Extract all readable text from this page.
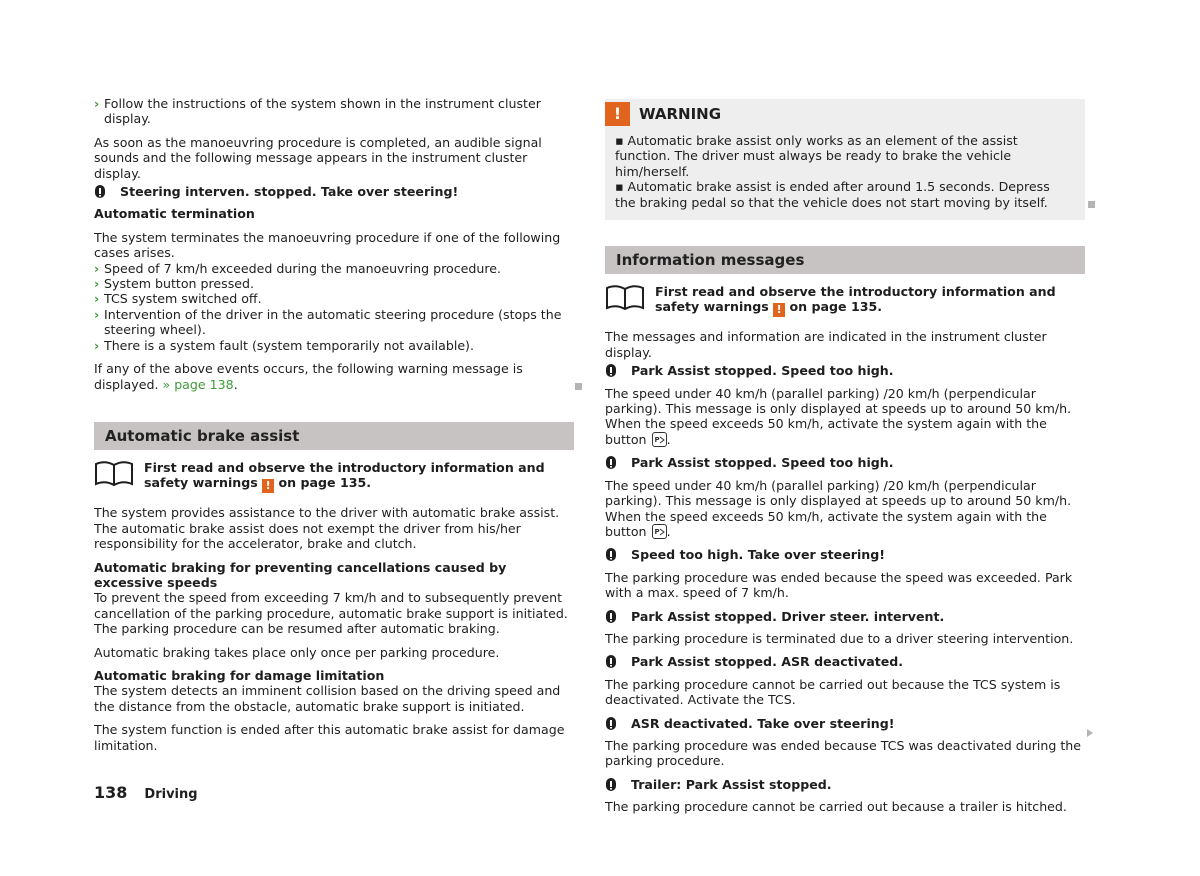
› Follow the instructions of the system shown in the instrument cluster display.

As soon as the manoeuvring procedure is completed, an audible signal sounds and the following message appears in the instrument cluster display.

Steering interven. stopped. Take over steering!

Automatic termination

The system terminates the manoeuvring procedure if one of the following cases arises.

› Speed of 7 km/h exceeded during the manoeuvring procedure.
› System button pressed.
› TCS system switched off.
› Intervention of the driver in the automatic steering procedure (stops the steering wheel).
› There is a system fault (system temporarily not available).

If any of the above events occurs, the following warning message is displayed. » page 138.

Automatic brake assist
First read and observe the introductory information and safety warnings ! on page 135.

The system provides assistance to the driver with automatic brake assist. The automatic brake assist does not exempt the driver from his/her responsibility for the accelerator, brake and clutch.

Automatic braking for preventing cancellations caused by excessive speeds
To prevent the speed from exceeding 7 km/h and to subsequently prevent cancellation of the parking procedure, automatic brake support is initiated. The parking procedure can be resumed after automatic braking.

Automatic braking takes place only once per parking procedure.

Automatic braking for damage limitation
The system detects an imminent collision based on the driving speed and the distance from the obstacle, automatic brake support is initiated.

The system function is ended after this automatic brake assist for damage limitation.

! WARNING
▪ Automatic brake assist only works as an element of the assist function. The driver must always be ready to brake the vehicle him/herself.
▪ Automatic brake assist is ended after around 1.5 seconds. Depress the braking pedal so that the vehicle does not start moving by itself.
Information messages
First read and observe the introductory information and safety warnings ! on page 135.

The messages and information are indicated in the instrument cluster display.

Park Assist stopped. Speed too high.

The speed under 40 km/h (parallel parking) /20 km/h (perpendicular parking). This message is only displayed at speeds up to around 50 km/h. When the speed exceeds 50 km/h, activate the system again with the button P .

Park Assist stopped. Speed too high.

The speed under 40 km/h (parallel parking) /20 km/h (perpendicular parking). This message is only displayed at speeds up to around 50 km/h. When the speed exceeds 50 km/h, activate the system again with the button P .

Speed too high. Take over steering!

The parking procedure was ended because the speed was exceeded. Park with a max. speed of 7 km/h.

Park Assist stopped. Driver steer. intervent.

The parking procedure is terminated due to a driver steering intervention.

Park Assist stopped. ASR deactivated.

The parking procedure cannot be carried out because the TCS system is deactivated. Activate the TCS.

ASR deactivated. Take over steering!

The parking procedure was ended because TCS was deactivated during the parking procedure.

Trailer: Park Assist stopped.

The parking procedure cannot be carried out because a trailer is hitched.

138 Driving
